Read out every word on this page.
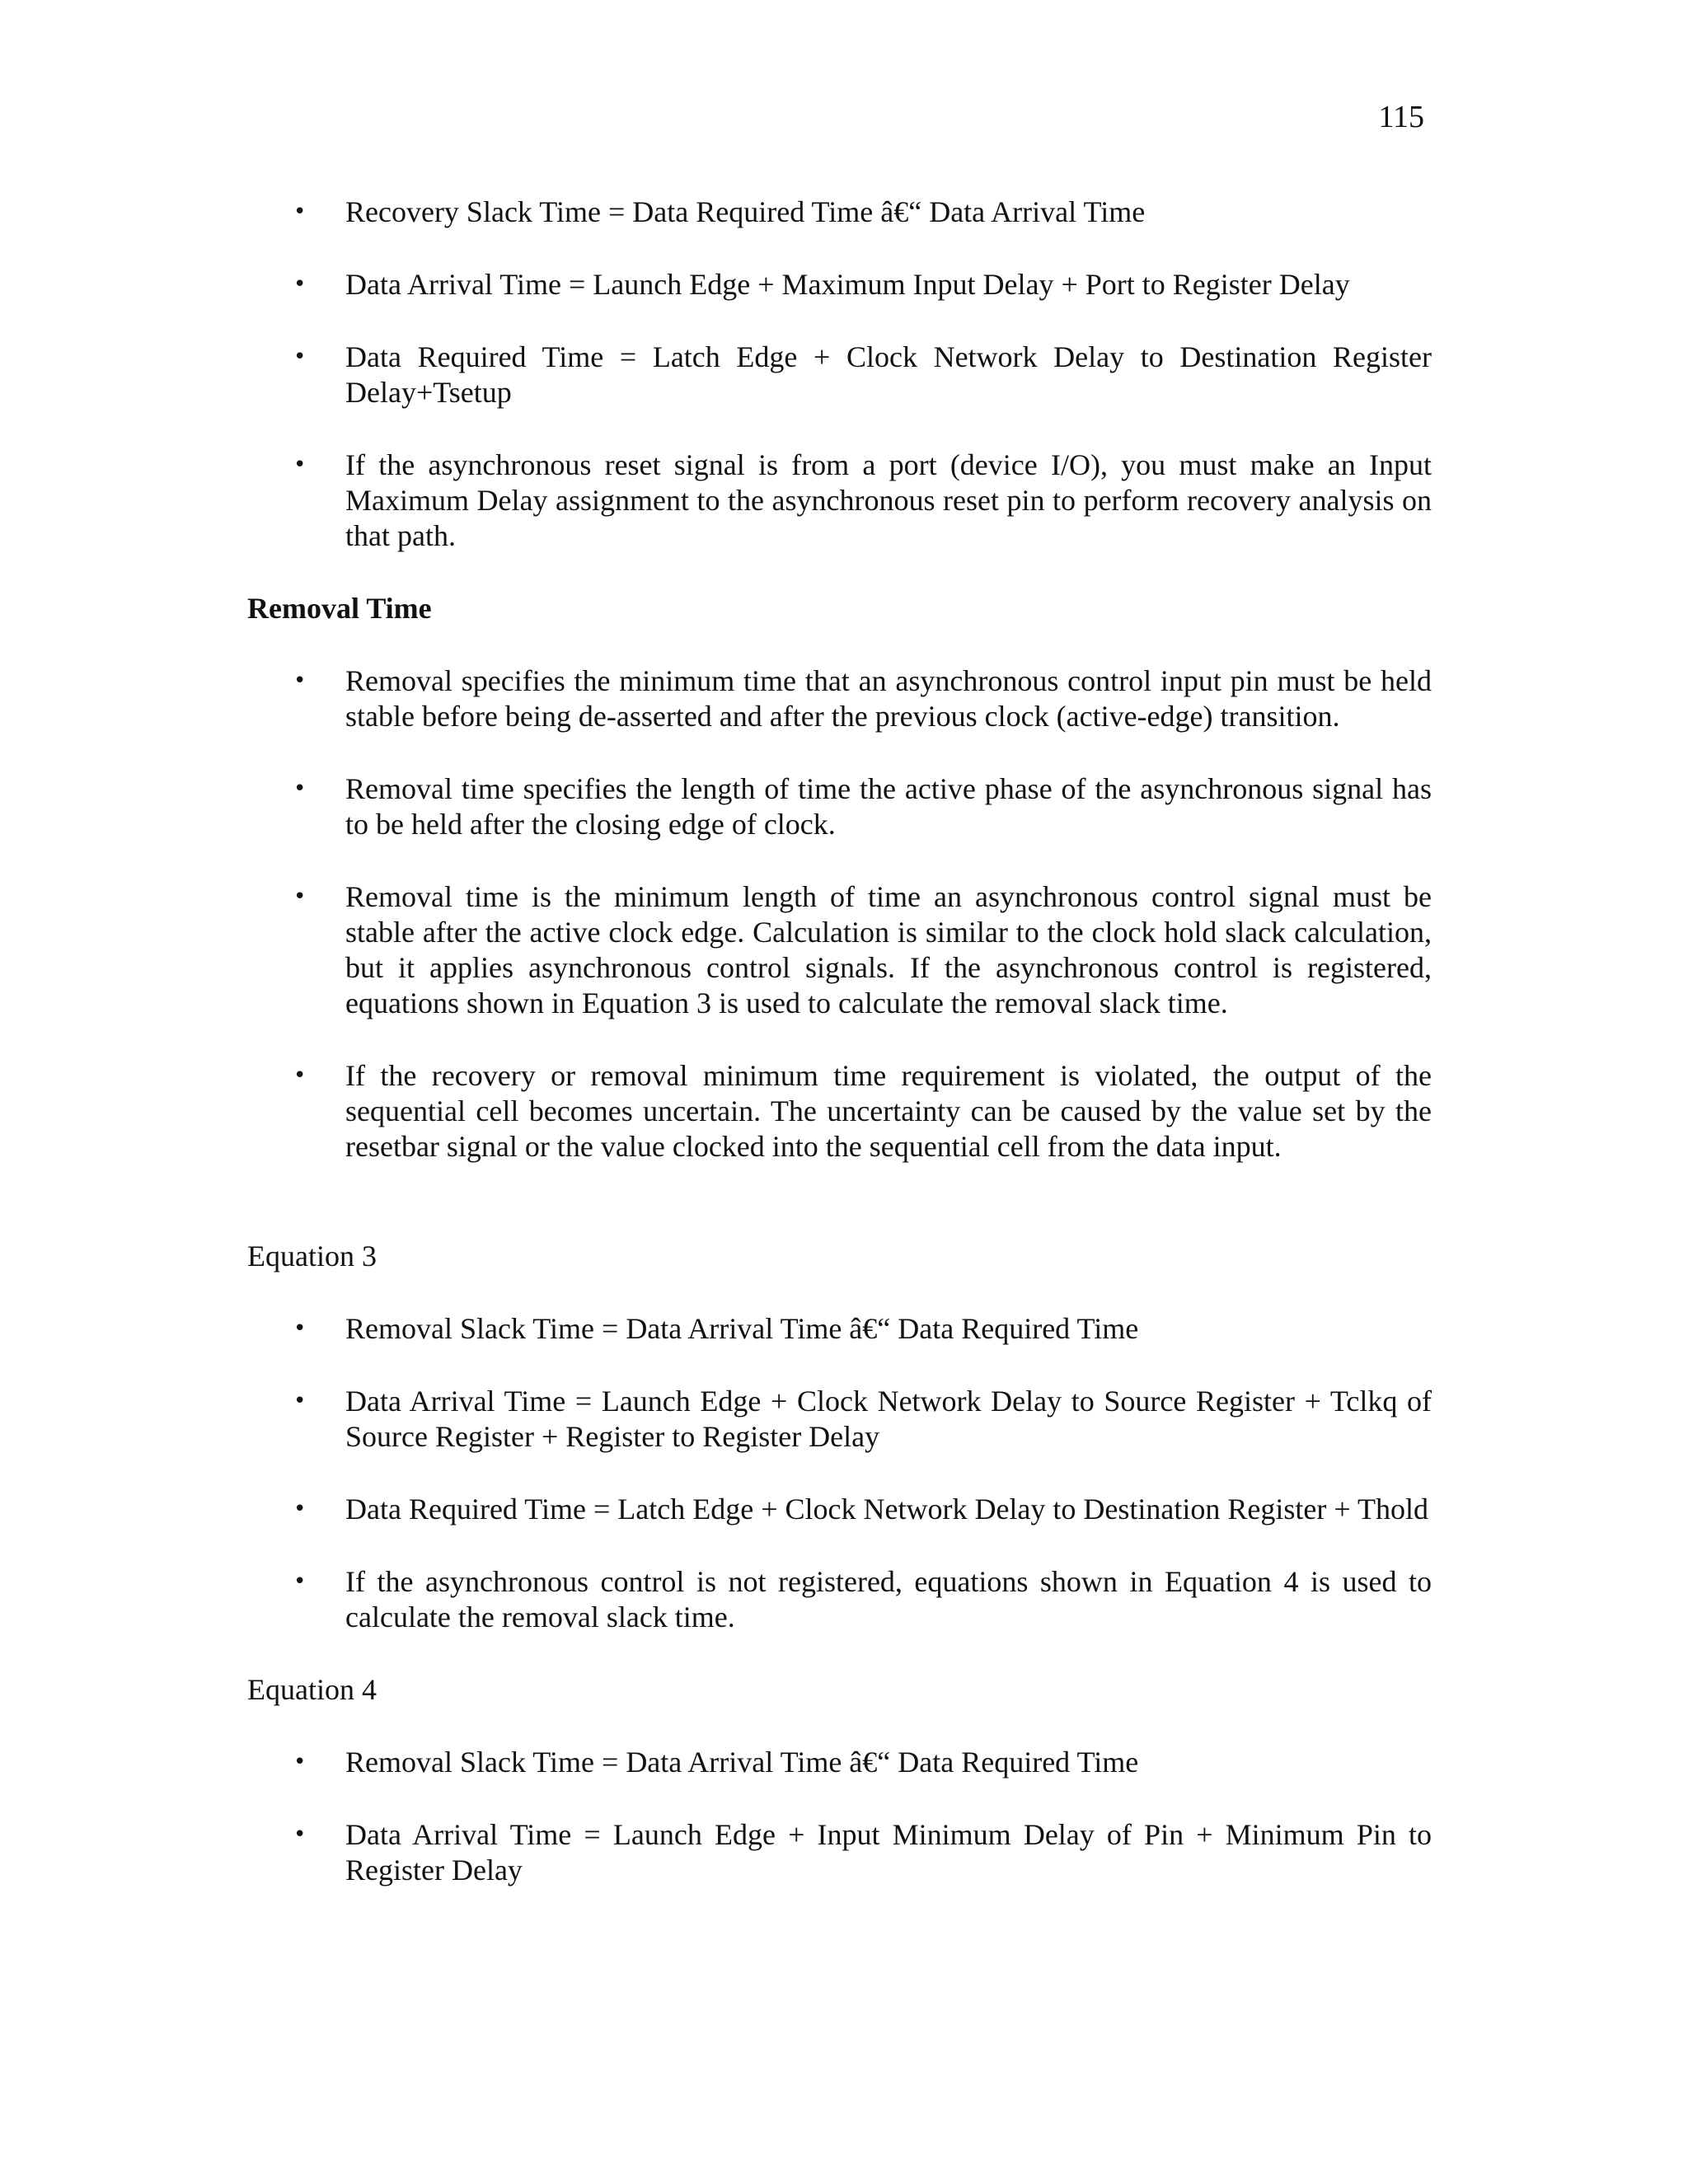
115
• Recovery Slack Time = Data Required Time â€“ Data Arrival Time
• Data Arrival Time = Launch Edge + Maximum Input Delay + Port to Register Delay
• Data Required Time = Latch Edge + Clock Network Delay to Destination Register Delay+Tsetup
• If the asynchronous reset signal is from a port (device I/O), you must make an Input Maximum Delay assignment to the asynchronous reset pin to perform recovery analysis on that path.

Removal Time

• Removal specifies the minimum time that an asynchronous control input pin must be held stable before being de-asserted and after the previous clock (active-edge) transition.
• Removal time specifies the length of time the active phase of the asynchronous signal has to be held after the closing edge of clock.
• Removal time is the minimum length of time an asynchronous control signal must be stable after the active clock edge. Calculation is similar to the clock hold slack calculation, but it applies asynchronous control signals. If the asynchronous control is registered, equations shown in Equation 3 is used to calculate the removal slack time.
• If the recovery or removal minimum time requirement is violated, the output of the sequential cell becomes uncertain. The uncertainty can be caused by the value set by the resetbar signal or the value clocked into the sequential cell from the data input.

Equation 3

• Removal Slack Time = Data Arrival Time â€“ Data Required Time
• Data Arrival Time = Launch Edge + Clock Network Delay to Source Register + Tclkq of Source Register + Register to Register Delay
• Data Required Time = Latch Edge + Clock Network Delay to Destination Register + Thold
• If the asynchronous control is not registered, equations shown in Equation 4 is used to calculate the removal slack time.

Equation 4

• Removal Slack Time = Data Arrival Time â€“ Data Required Time
• Data Arrival Time = Launch Edge + Input Minimum Delay of Pin + Minimum Pin to Register Delay
